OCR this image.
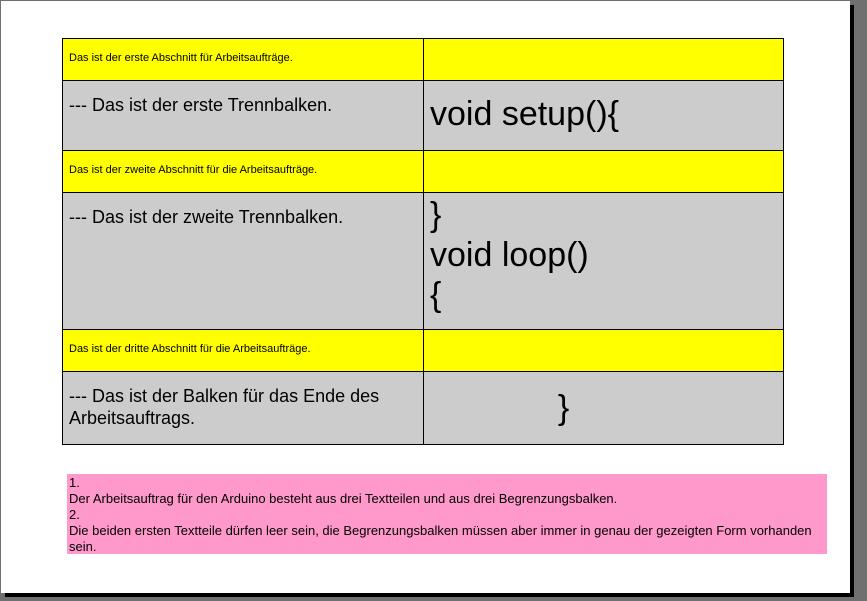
Das ist der erste Abschnitt für Arbeitsaufträge.	

--- Das ist der erste Trennbalken.	void setup(){

Das ist der zweite Abschnitt für die Arbeitsaufträge.	

--- Das ist der zweite Trennbalken.	}
void loop()
{

Das ist der dritte Abschnitt für die Arbeitsaufträge.	

--- Das ist der Balken für das Ende des Arbeitsauftrags.	}
1.
Der Arbeitsauftrag für den Arduino besteht aus drei Textteilen und aus drei Begrenzungsbalken.
2.
Die beiden ersten Textteile dürfen leer sein, die Begrenzungsbalken müssen aber immer in genau der gezeigten Form vorhanden sein.
